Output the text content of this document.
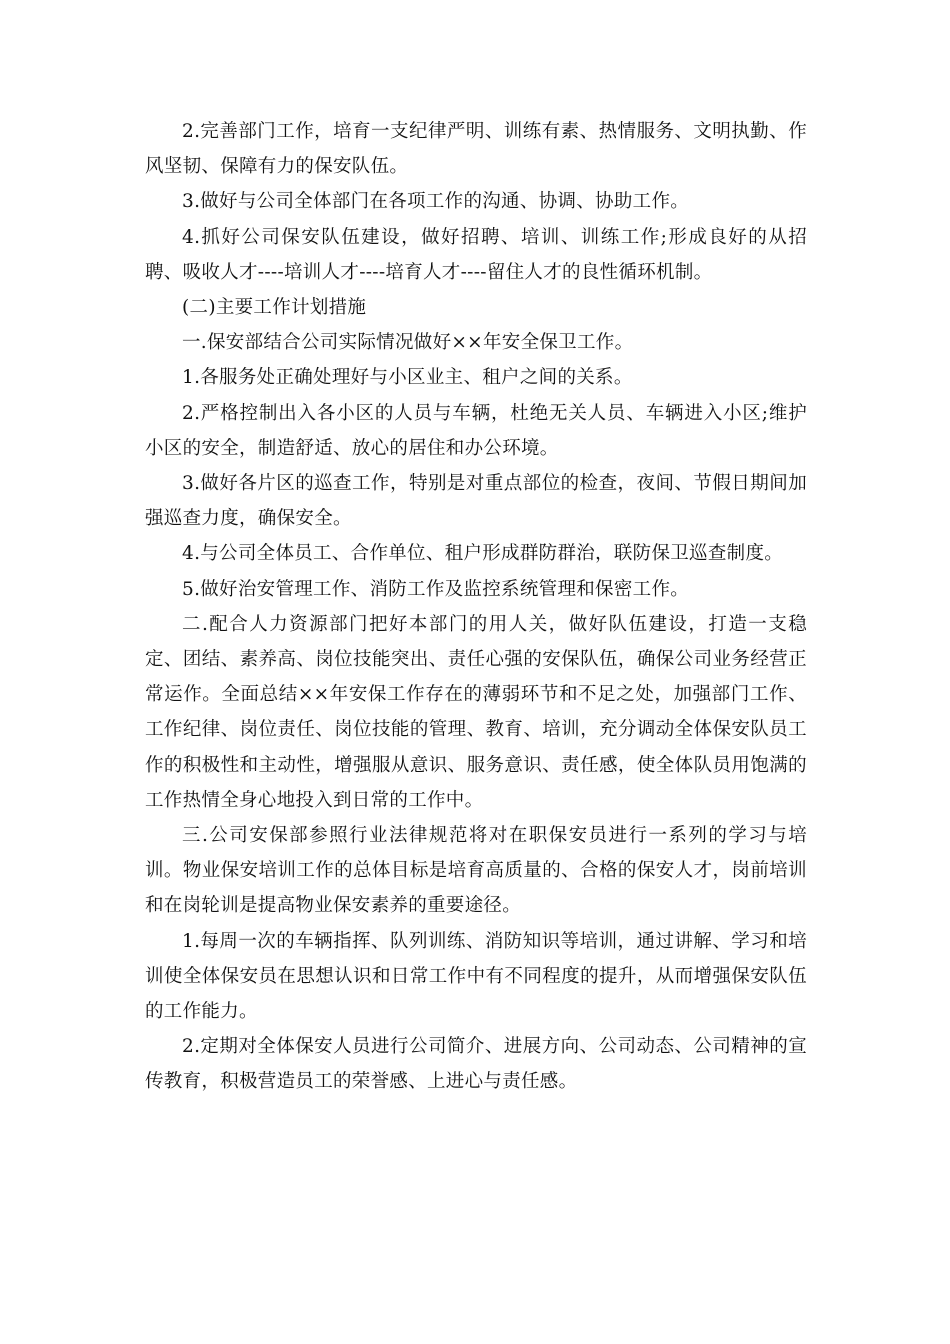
2.完善部门工作，培育一支纪律严明、训练有素、热情服务、文明执勤、作风坚韧、保障有力的保安队伍。

3.做好与公司全体部门在各项工作的沟通、协调、协助工作。

4.抓好公司保安队伍建设，做好招聘、培训、训练工作;形成良好的从招聘、吸收人才----培训人才----培育人才----留住人才的良性循环机制。

(二)主要工作计划措施

一.保安部结合公司实际情况做好××年安全保卫工作。

1.各服务处正确处理好与小区业主、租户之间的关系。

2.严格控制出入各小区的人员与车辆，杜绝无关人员、车辆进入小区;维护小区的安全，制造舒适、放心的居住和办公环境。

3.做好各片区的巡查工作，特别是对重点部位的检查，夜间、节假日期间加强巡查力度，确保安全。

4.与公司全体员工、合作单位、租户形成群防群治，联防保卫巡查制度。

5.做好治安管理工作、消防工作及监控系统管理和保密工作。

二.配合人力资源部门把好本部门的用人关，做好队伍建设，打造一支稳定、团结、素养高、岗位技能突出、责任心强的安保队伍，确保公司业务经营正常运作。全面总结××年安保工作存在的薄弱环节和不足之处，加强部门工作、工作纪律、岗位责任、岗位技能的管理、教育、培训，充分调动全体保安队员工作的积极性和主动性，增强服从意识、服务意识、责任感，使全体队员用饱满的工作热情全身心地投入到日常的工作中。

三.公司安保部参照行业法律规范将对在职保安员进行一系列的学习与培训。物业保安培训工作的总体目标是培育高质量的、合格的保安人才，岗前培训和在岗轮训是提高物业保安素养的重要途径。

1.每周一次的车辆指挥、队列训练、消防知识等培训，通过讲解、学习和培训使全体保安员在思想认识和日常工作中有不同程度的提升，从而增强保安队伍的工作能力。

2.定期对全体保安人员进行公司简介、进展方向、公司动态、公司精神的宣传教育，积极营造员工的荣誉感、上进心与责任感。
